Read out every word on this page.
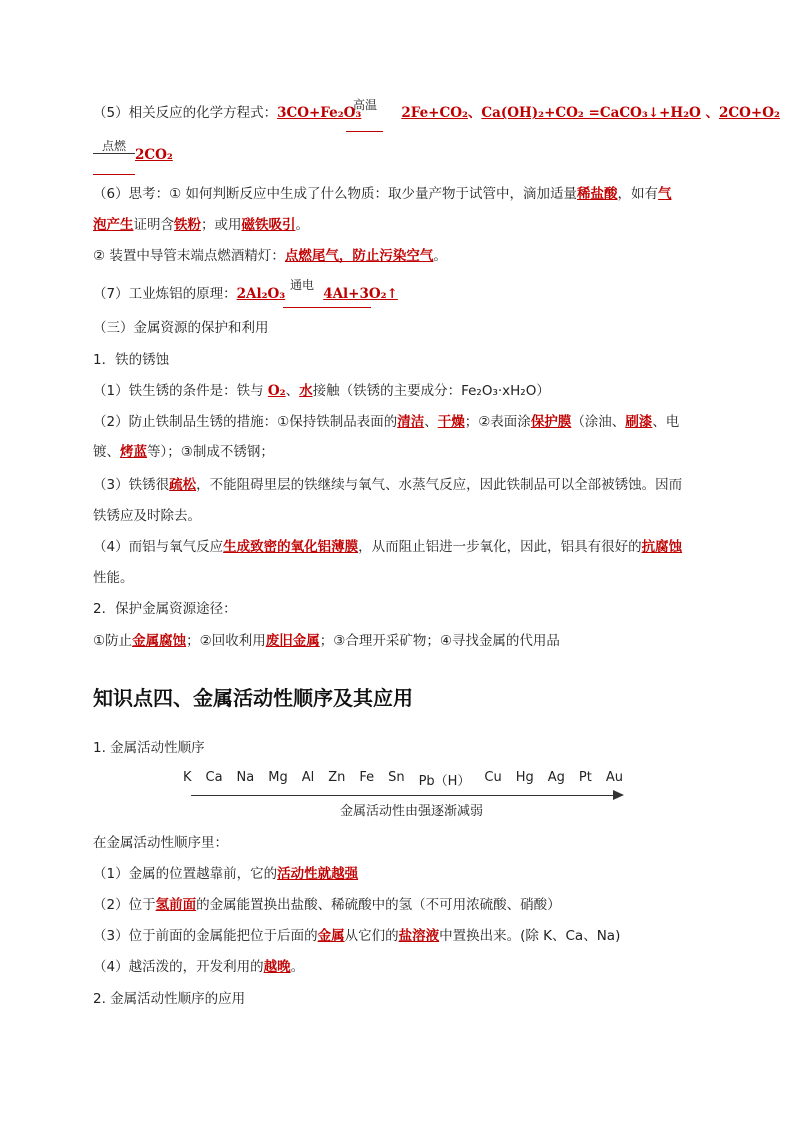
（5）相关反应的化学方程式：3CO+Fe₂O₃	2Fe+CO₂、Ca(OH)₂+CO₂ =CaCO₃↓+H₂O 、2CO+O₂
高温
点燃
2CO₂
（6）思考：① 如何判断反应中生成了什么物质：取少量产物于试管中，滴加适量稀盐酸，如有气
泡产生证明含铁粉；或用磁铁吸引。
② 装置中导管末端点燃酒精灯：点燃尾气，防止污染空气。
（7）工业炼铝的原理：2Al₂O₃	4Al+3O₂↑
通电
（三）金属资源的保护和利用
1．铁的锈蚀
（1）铁生锈的条件是：铁与 O₂、水接触（铁锈的主要成分：Fe₂O₃·xH₂O）
（2）防止铁制品生锈的措施：①保持铁制品表面的清洁、干燥；②表面涂保护膜（涂油、刷漆、电
镀、烤蓝等）；③制成不锈钢；
（3）铁锈很疏松，不能阻碍里层的铁继续与氧气、水蒸气反应，因此铁制品可以全部被锈蚀。因而
铁锈应及时除去。
（4）而铝与氧气反应生成致密的氧化铝薄膜，从而阻止铝进一步氧化，因此，铝具有很好的抗腐蚀
性能。
2．保护金属资源途径：
①防止金属腐蚀；②回收利用废旧金属；③合理开采矿物；④寻找金属的代用品
知识点四、金属活动性顺序及其应用
1. 金属活动性顺序
K Ca Na Mg Al Zn Fe Sn Pb（H） Cu Hg Ag Pt Au
金属活动性由强逐渐减弱
在金属活动性顺序里：
（1）金属的位置越靠前，它的活动性就越强
（2）位于氢前面的金属能置换出盐酸、稀硫酸中的氢（不可用浓硫酸、硝酸）
（3）位于前面的金属能把位于后面的金属从它们的盐溶液中置换出来。(除 K、Ca、Na)
（4）越活泼的，开发利用的越晚。
2. 金属活动性顺序的应用
